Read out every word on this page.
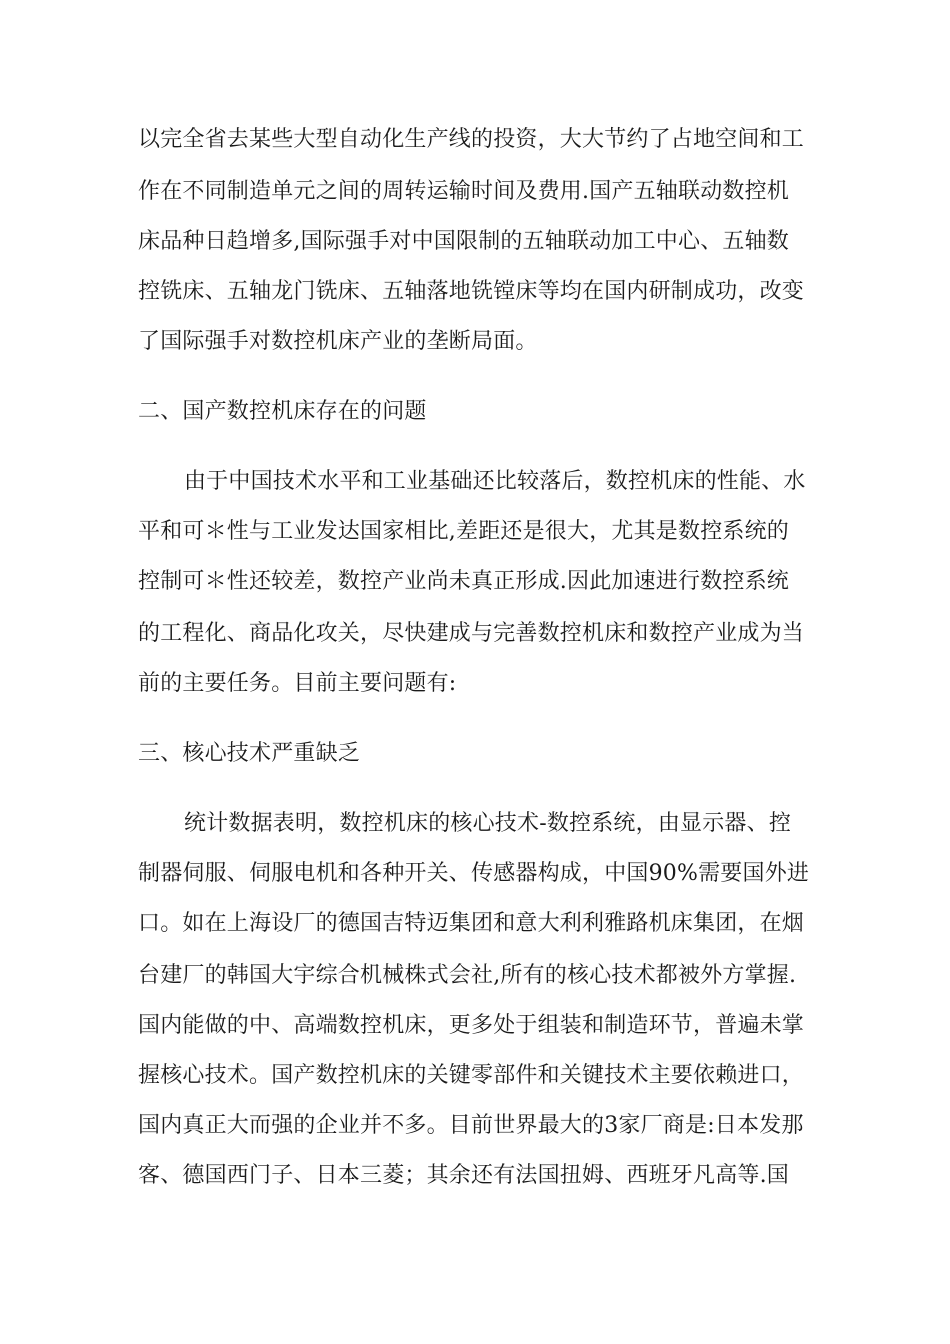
以完全省去某些大型自动化生产线的投资，大大节约了占地空间和工
作在不同制造单元之间的周转运输时间及费用.国产五轴联动数控机
床品种日趋增多,国际强手对中国限制的五轴联动加工中心、五轴数
控铣床、五轴龙门铣床、五轴落地铣镗床等均在国内研制成功，改变
了国际强手对数控机床产业的垄断局面。
二、国产数控机床存在的问题
由于中国技术水平和工业基础还比较落后，数控机床的性能、水
平和可＊性与工业发达国家相比,差距还是很大，尤其是数控系统的
控制可＊性还较差，数控产业尚未真正形成.因此加速进行数控系统
的工程化、商品化攻关，尽快建成与完善数控机床和数控产业成为当
前的主要任务。目前主要问题有:
三、核心技术严重缺乏
统计数据表明，数控机床的核心技术-数控系统，由显示器、控
制器伺服、伺服电机和各种开关、传感器构成，中国90%需要国外进
口。如在上海设厂的德国吉特迈集团和意大利利雅路机床集团，在烟
台建厂的韩国大宇综合机械株式会社,所有的核心技术都被外方掌握.
国内能做的中、高端数控机床，更多处于组装和制造环节，普遍未掌
握核心技术。国产数控机床的关键零部件和关键技术主要依赖进口，
国内真正大而强的企业并不多。目前世界最大的3家厂商是:日本发那
客、德国西门子、日本三菱；其余还有法国扭姆、西班牙凡高等.国
